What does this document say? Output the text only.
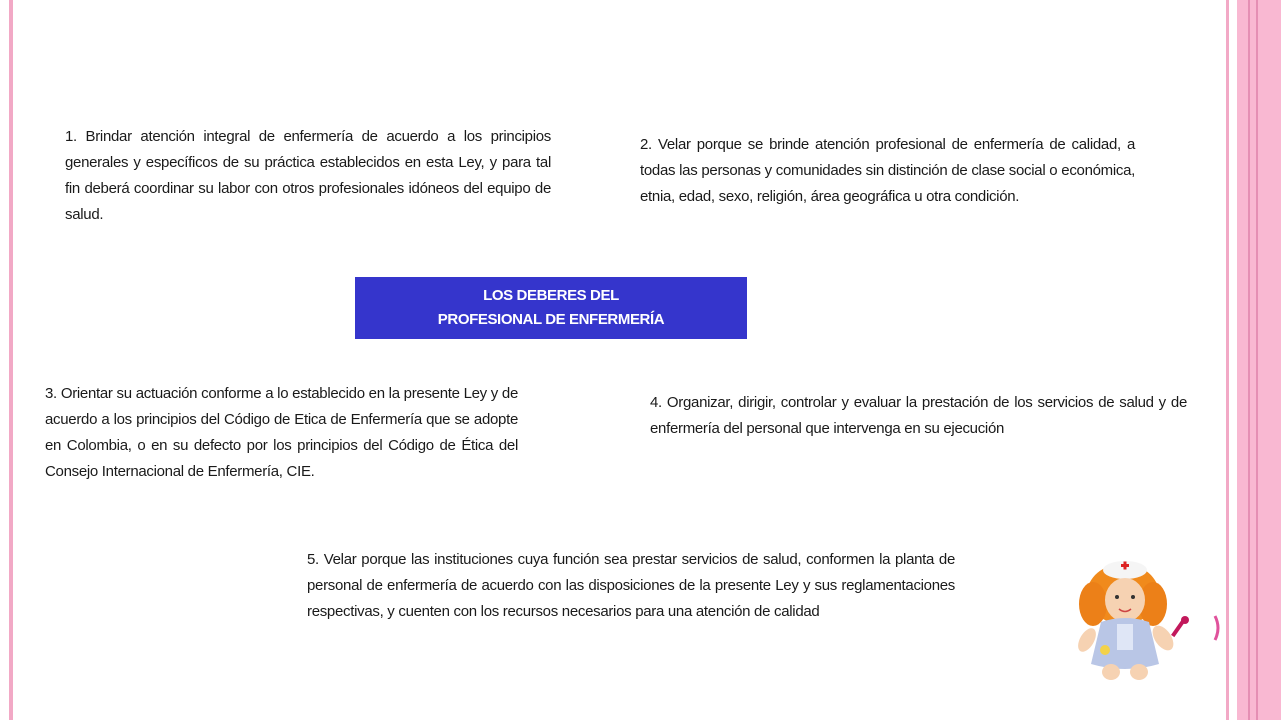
1. Brindar atención integral de enfermería de acuerdo a los principios generales y específicos de su práctica establecidos en esta Ley, y para tal fin deberá coordinar su labor con otros profesionales idóneos del equipo de salud.
2. Velar porque se brinde atención profesional de enfermería de calidad, a todas las personas y comunidades sin distinción de clase social o económica, etnia, edad, sexo, religión, área geográfica u otra condición.
LOS DEBERES DEL
PROFESIONAL DE ENFERMERÍA
3. Orientar su actuación conforme a lo establecido en la presente Ley y de acuerdo a los principios del Código de Etica de Enfermería que se adopte en Colombia, o en su defecto por los principios del Código de Ética del Consejo Internacional de Enfermería, CIE.
4. Organizar, dirigir, controlar y evaluar la prestación de los servicios de salud y de enfermería del personal que intervenga en su ejecución
5. Velar porque las instituciones cuya función sea prestar servicios de salud, conformen la planta de personal de enfermería de acuerdo con las disposiciones de la presente Ley y sus reglamentaciones respectivas, y cuenten con los recursos necesarios para una atención de calidad
